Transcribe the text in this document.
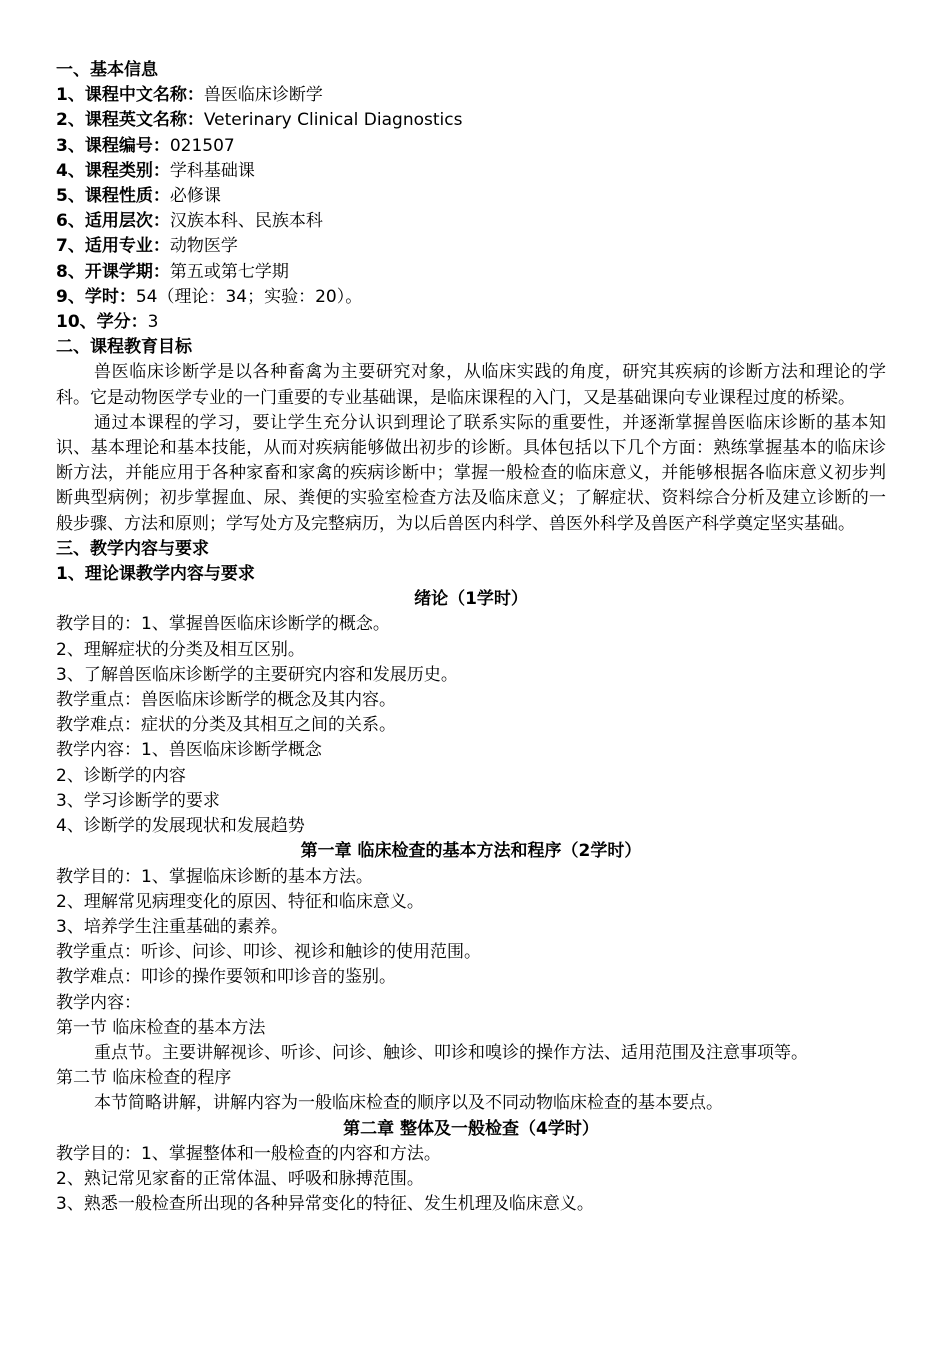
一、基本信息
1、课程中文名称：兽医临床诊断学
2、课程英文名称：Veterinary Clinical Diagnostics
3、课程编号：021507
4、课程类别：学科基础课
5、课程性质：必修课
6、适用层次：汉族本科、民族本科
7、适用专业：动物医学
8、开课学期：第五或第七学期
9、学时：54（理论：34；实验：20）。
10、学分：3
二、课程教育目标
兽医临床诊断学是以各种畜禽为主要研究对象，从临床实践的角度，研究其疾病的诊断方法和理论的学科。它是动物医学专业的一门重要的专业基础课，是临床课程的入门，又是基础课向专业课程过度的桥梁。
通过本课程的学习，要让学生充分认识到理论了联系实际的重要性，并逐渐掌握兽医临床诊断的基本知识、基本理论和基本技能，从而对疾病能够做出初步的诊断。具体包括以下几个方面：熟练掌握基本的临床诊断方法，并能应用于各种家畜和家禽的疾病诊断中；掌握一般检查的临床意义，并能够根据各临床意义初步判断典型病例；初步掌握血、尿、粪便的实验室检查方法及临床意义；了解症状、资料综合分析及建立诊断的一般步骤、方法和原则；学写处方及完整病历，为以后兽医内科学、兽医外科学及兽医产科学奠定坚实基础。
三、教学内容与要求
1、理论课教学内容与要求
绪论（1学时）
教学目的：1、掌握兽医临床诊断学的概念。
2、理解症状的分类及相互区别。
3、了解兽医临床诊断学的主要研究内容和发展历史。
教学重点：兽医临床诊断学的概念及其内容。
教学难点：症状的分类及其相互之间的关系。
教学内容：1、兽医临床诊断学概念
2、诊断学的内容
3、学习诊断学的要求
4、诊断学的发展现状和发展趋势
第一章 临床检查的基本方法和程序（2学时）
教学目的：1、掌握临床诊断的基本方法。
2、理解常见病理变化的原因、特征和临床意义。
3、培养学生注重基础的素养。
教学重点：听诊、问诊、叩诊、视诊和触诊的使用范围。
教学难点：叩诊的操作要领和叩诊音的鉴别。
教学内容：
第一节 临床检查的基本方法
重点节。主要讲解视诊、听诊、问诊、触诊、叩诊和嗅诊的操作方法、适用范围及注意事项等。
第二节 临床检查的程序
本节简略讲解，讲解内容为一般临床检查的顺序以及不同动物临床检查的基本要点。
第二章 整体及一般检查（4学时）
教学目的：1、掌握整体和一般检查的内容和方法。
2、熟记常见家畜的正常体温、呼吸和脉搏范围。
3、熟悉一般检查所出现的各种异常变化的特征、发生机理及临床意义。
